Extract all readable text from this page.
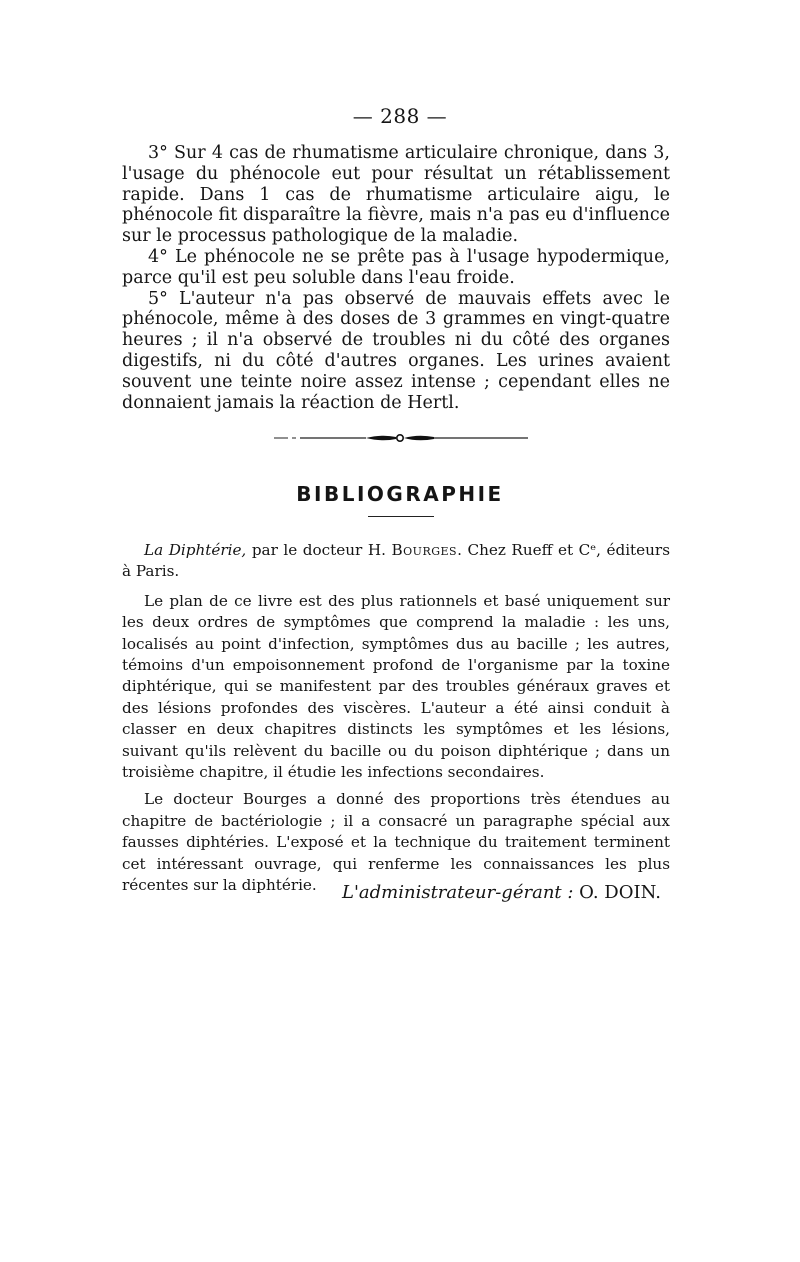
— 288 —

3° Sur 4 cas de rhumatisme articulaire chronique, dans 3, l'usage du phénocole eut pour résultat un rétablissement rapide. Dans 1 cas de rhumatisme articulaire aigu, le phénocole fit disparaître la fièvre, mais n'a pas eu d'influence sur le processus pathologique de la maladie.

4° Le phénocole ne se prête pas à l'usage hypodermique, parce qu'il est peu soluble dans l'eau froide.

5° L'auteur n'a pas observé de mauvais effets avec le phénocole, même à des doses de 3 grammes en vingt-quatre heures ; il n'a observé de troubles ni du côté des organes digestifs, ni du côté d'autres organes. Les urines avaient souvent une teinte noire assez intense ; cependant elles ne donnaient jamais la réaction de Hertl.

BIBLIOGRAPHIE

La Diphtérie, par le docteur H. Bourges. Chez Rueff et Cᵉ, éditeurs à Paris.

Le plan de ce livre est des plus rationnels et basé uniquement sur les deux ordres de symptômes que comprend la maladie : les uns, localisés au point d'infection, symptômes dus au bacille ; les autres, témoins d'un empoisonnement profond de l'organisme par la toxine diphtérique, qui se manifestent par des troubles généraux graves et des lésions profondes des viscères. L'auteur a été ainsi conduit à classer en deux chapitres distincts les symptômes et les lésions, suivant qu'ils relèvent du bacille ou du poison diphtérique ; dans un troisième chapitre, il étudie les infections secondaires.

Le docteur Bourges a donné des proportions très étendues au chapitre de bactériologie ; il a consacré un paragraphe spécial aux fausses diphtéries. L'exposé et la technique du traitement terminent cet intéressant ouvrage, qui renferme les connaissances les plus récentes sur la diphtérie.	L'administrateur-gérant : O. DOIN.
